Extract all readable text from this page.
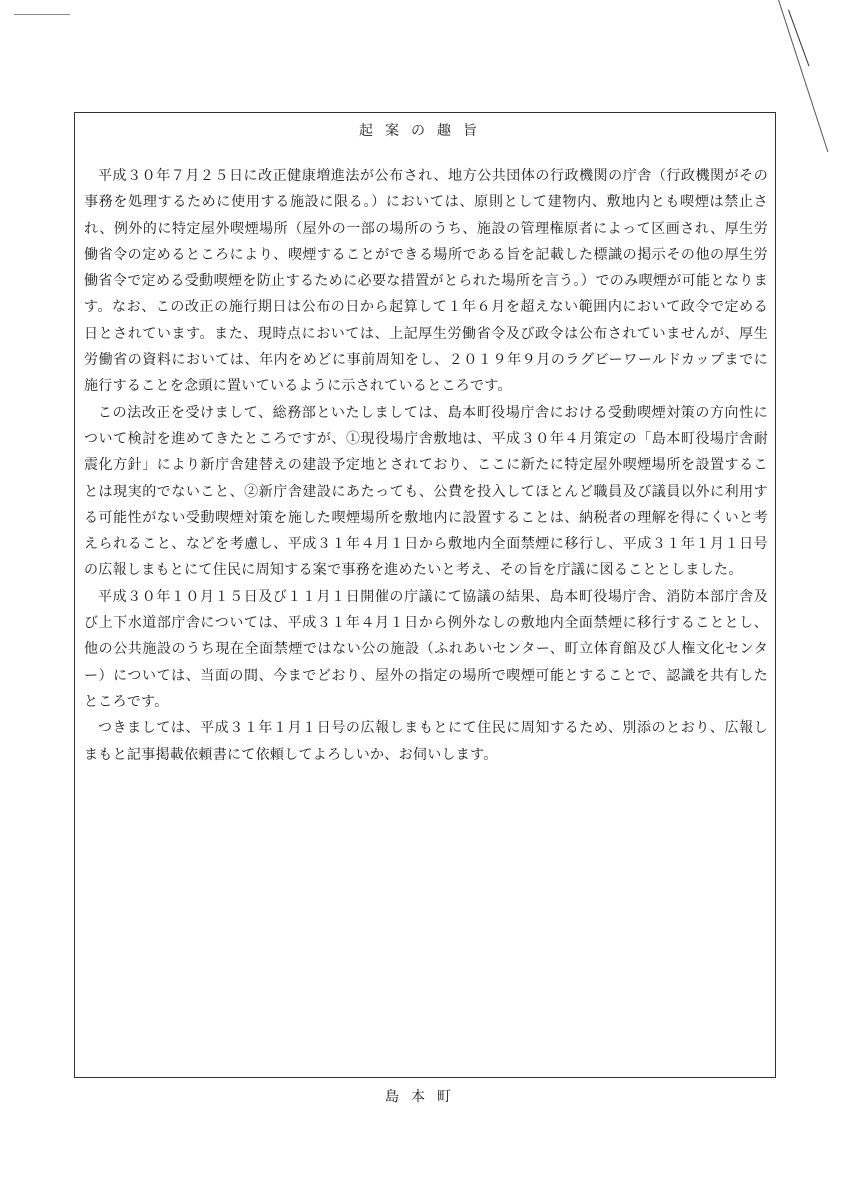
起案の趣旨

平成３０年７月２５日に改正健康増進法が公布され、地方公共団体の行政機関の庁舎（行政機関がその事務を処理するために使用する施設に限る。）においては、原則として建物内、敷地内とも喫煙は禁止され、例外的に特定屋外喫煙場所（屋外の一部の場所のうち、施設の管理権原者によって区画され、厚生労働省令の定めるところにより、喫煙することができる場所である旨を記載した標識の掲示その他の厚生労働省令で定める受動喫煙を防止するために必要な措置がとられた場所を言う。）でのみ喫煙が可能となります。なお、この改正の施行期日は公布の日から起算して１年６月を超えない範囲内において政令で定める日とされています。また、現時点においては、上記厚生労働省令及び政令は公布されていませんが、厚生労働省の資料においては、年内をめどに事前周知をし、２０１９年９月のラグビーワールドカップまでに施行することを念頭に置いているように示されているところです。

この法改正を受けまして、総務部といたしましては、島本町役場庁舎における受動喫煙対策の方向性について検討を進めてきたところですが、①現役場庁舎敷地は、平成３０年４月策定の「島本町役場庁舎耐震化方針」により新庁舎建替えの建設予定地とされており、ここに新たに特定屋外喫煙場所を設置することは現実的でないこと、②新庁舎建設にあたっても、公費を投入してほとんど職員及び議員以外に利用する可能性がない受動喫煙対策を施した喫煙場所を敷地内に設置することは、納税者の理解を得にくいと考えられること、などを考慮し、平成３１年４月１日から敷地内全面禁煙に移行し、平成３１年１月１日号の広報しまもとにて住民に周知する案で事務を進めたいと考え、その旨を庁議に図ることとしました。

平成３０年１０月１５日及び１１月１日開催の庁議にて協議の結果、島本町役場庁舎、消防本部庁舎及び上下水道部庁舎については、平成３１年４月１日から例外なしの敷地内全面禁煙に移行することとし、他の公共施設のうち現在全面禁煙ではない公の施設（ふれあいセンター、町立体育館及び人権文化センター）については、当面の間、今までどおり、屋外の指定の場所で喫煙可能とすることで、認識を共有したところです。

つきましては、平成３１年１月１日号の広報しまもとにて住民に周知するため、別添のとおり、広報しまもと記事掲載依頼書にて依頼してよろしいか、お伺いします。

島本町
